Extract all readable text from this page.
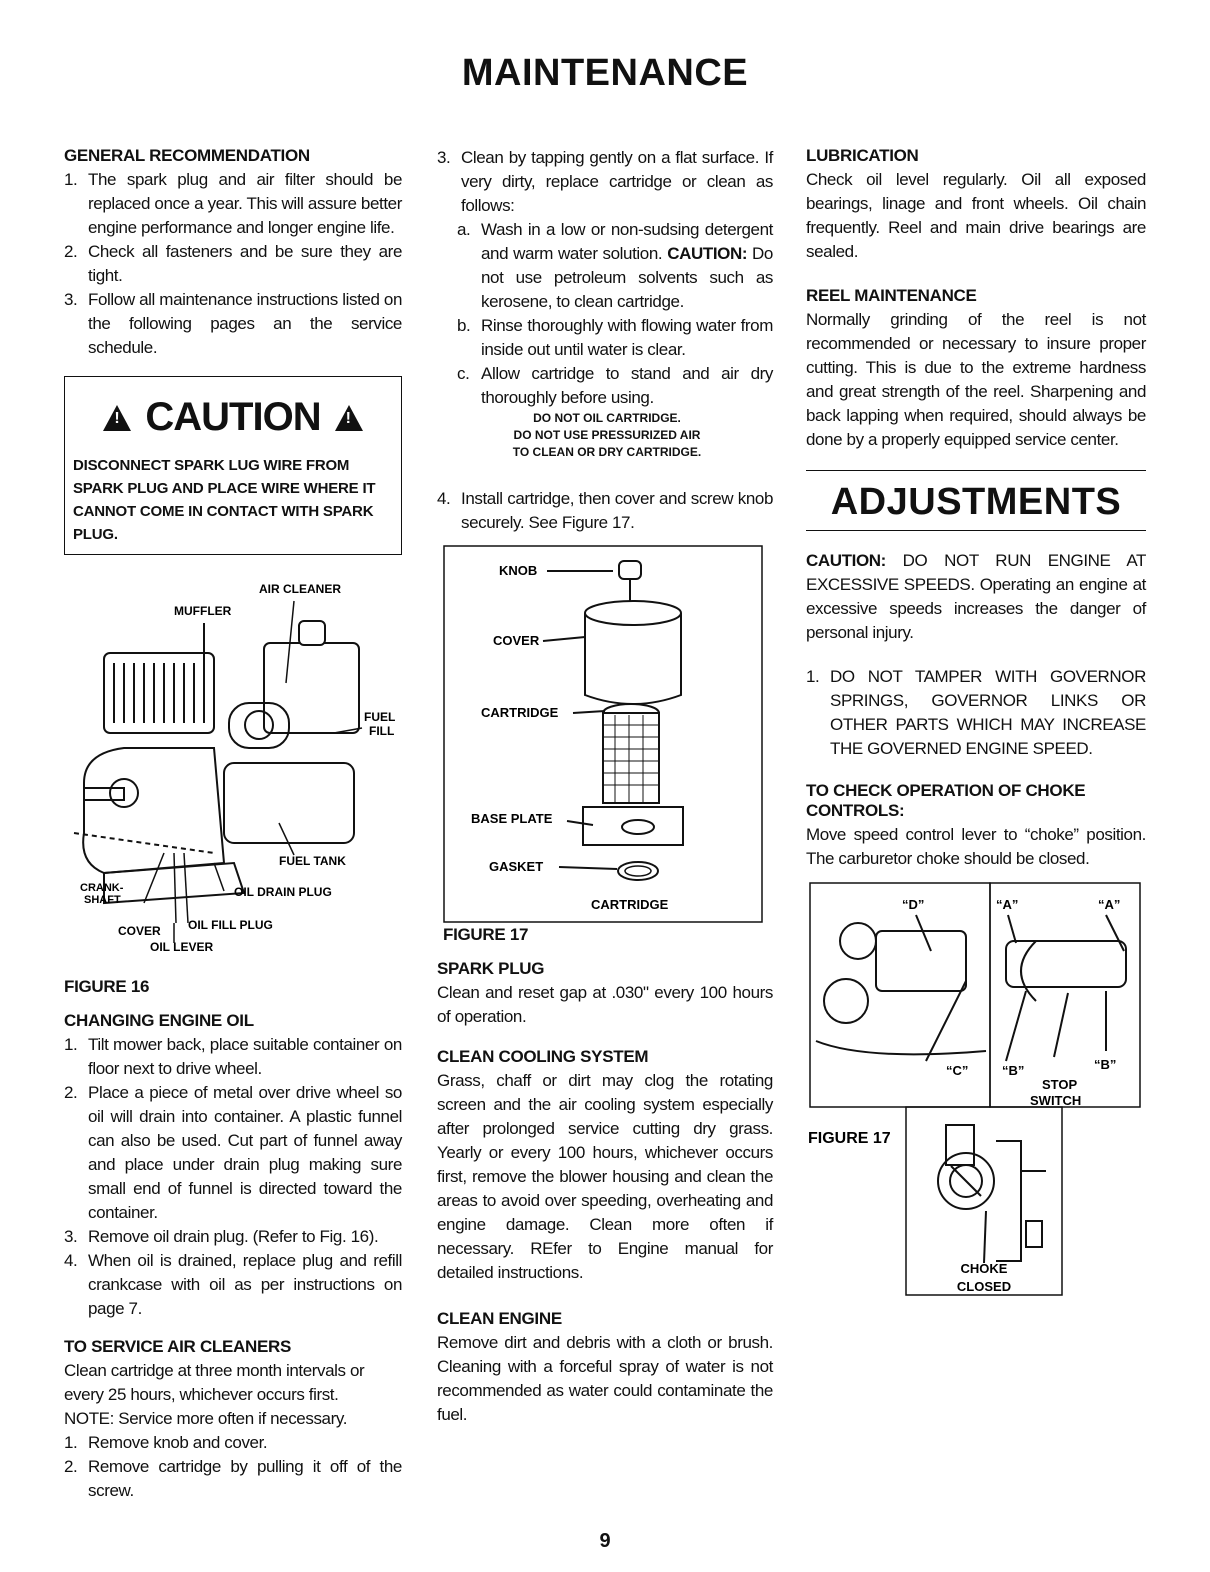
MAINTENANCE
GENERAL RECOMMENDATION
1. The spark plug and air filter should be replaced once a year. This will assure better engine performance and longer engine life.
2. Check all fasteners and be sure they are tight.
3. Follow all maintenance instructions listed on the following pages an the service schedule.
!
CAUTION
!
DISCONNECT SPARK LUG WIRE FROM SPARK PLUG AND PLACE WIRE WHERE IT CANNOT COME IN CONTACT WITH SPARK PLUG.
AIR CLEANER
MUFFLER
FUEL
FILL
FUEL TANK
CRANK-
SHAFT
OIL DRAIN PLUG
COVER OIL FILL PLUG
OIL LEVER
FIGURE 16
CHANGING ENGINE OIL
1. Tilt mower back, place suitable container on floor next to drive wheel.
2. Place a piece of metal over drive wheel so oil will drain into container. A plastic funnel can also be used. Cut part of funnel away and place under drain plug making sure small end of funnel is directed toward the container.
3. Remove oil drain plug. (Refer to Fig. 16).
4. When oil is drained, replace plug and refill crankcase with oil as per instructions on page 7.
TO SERVICE AIR CLEANERS

Clean cartridge at three month intervals or every 25 hours, whichever occurs first.

NOTE: Service more often if necessary.

1. Remove knob and cover.
2. Remove cartridge by pulling it off of the screw.
3. Clean by tapping gently on a flat surface. If very dirty, replace cartridge or clean as follows:
a. Wash in a low or non-sudsing detergent and warm water solution. CAUTION: Do not use petroleum solvents such as kerosene, to clean cartridge.
b. Rinse thoroughly with flowing water from inside out until water is clear.
c. Allow cartridge to stand and air dry thoroughly before using.
DO NOT OIL CARTRIDGE.
DO NOT USE PRESSURIZED AIR
TO CLEAN OR DRY CARTRIDGE.
4. Install cartridge, then cover and screw knob securely. See Figure 17.
KNOB
COVER
CARTRIDGE
BASE PLATE
GASKET
CARTRIDGE
FIGURE 17
SPARK PLUG

Clean and reset gap at .030" every 100 hours of operation.

CLEAN COOLING SYSTEM

Grass, chaff or dirt may clog the rotating screen and the air cooling system especially after prolonged service cutting dry grass. Yearly or every 100 hours, whichever occurs first, remove the blower housing and clean the areas to avoid over speeding, overheating and engine damage. Clean more often if necessary. REfer to Engine manual for detailed instructions.

CLEAN ENGINE

Remove dirt and debris with a cloth or brush. Cleaning with a forceful spray of water is not recommended as water could contaminate the fuel.

LUBRICATION

Check oil level regularly. Oil all exposed bearings, linage and front wheels. Oil chain frequently. Reel and main drive bearings are sealed.

REEL MAINTENANCE

Normally grinding of the reel is not recommended or necessary to insure proper cutting. This is due to the extreme hardness and great strength of the reel. Sharpening and back lapping when required, should always be done by a properly equipped service center.

ADJUSTMENTS

CAUTION: DO NOT RUN ENGINE AT EXCESSIVE SPEEDS. Operating an engine at excessive speeds increases the danger of personal injury.

1. DO NOT TAMPER WITH GOVERNOR SPRINGS, GOVERNOR LINKS OR OTHER PARTS WHICH MAY INCREASE THE GOVERNED ENGINE SPEED.
TO CHECK OPERATION OF CHOKE CONTROLS:

Move speed control lever to “choke” position. The carburetor choke should be closed.

“D”	“A”	“A”
“B”	“B”
“C”
STOP
SWITCH
FIGURE 17
CHOKE
CLOSED
9
